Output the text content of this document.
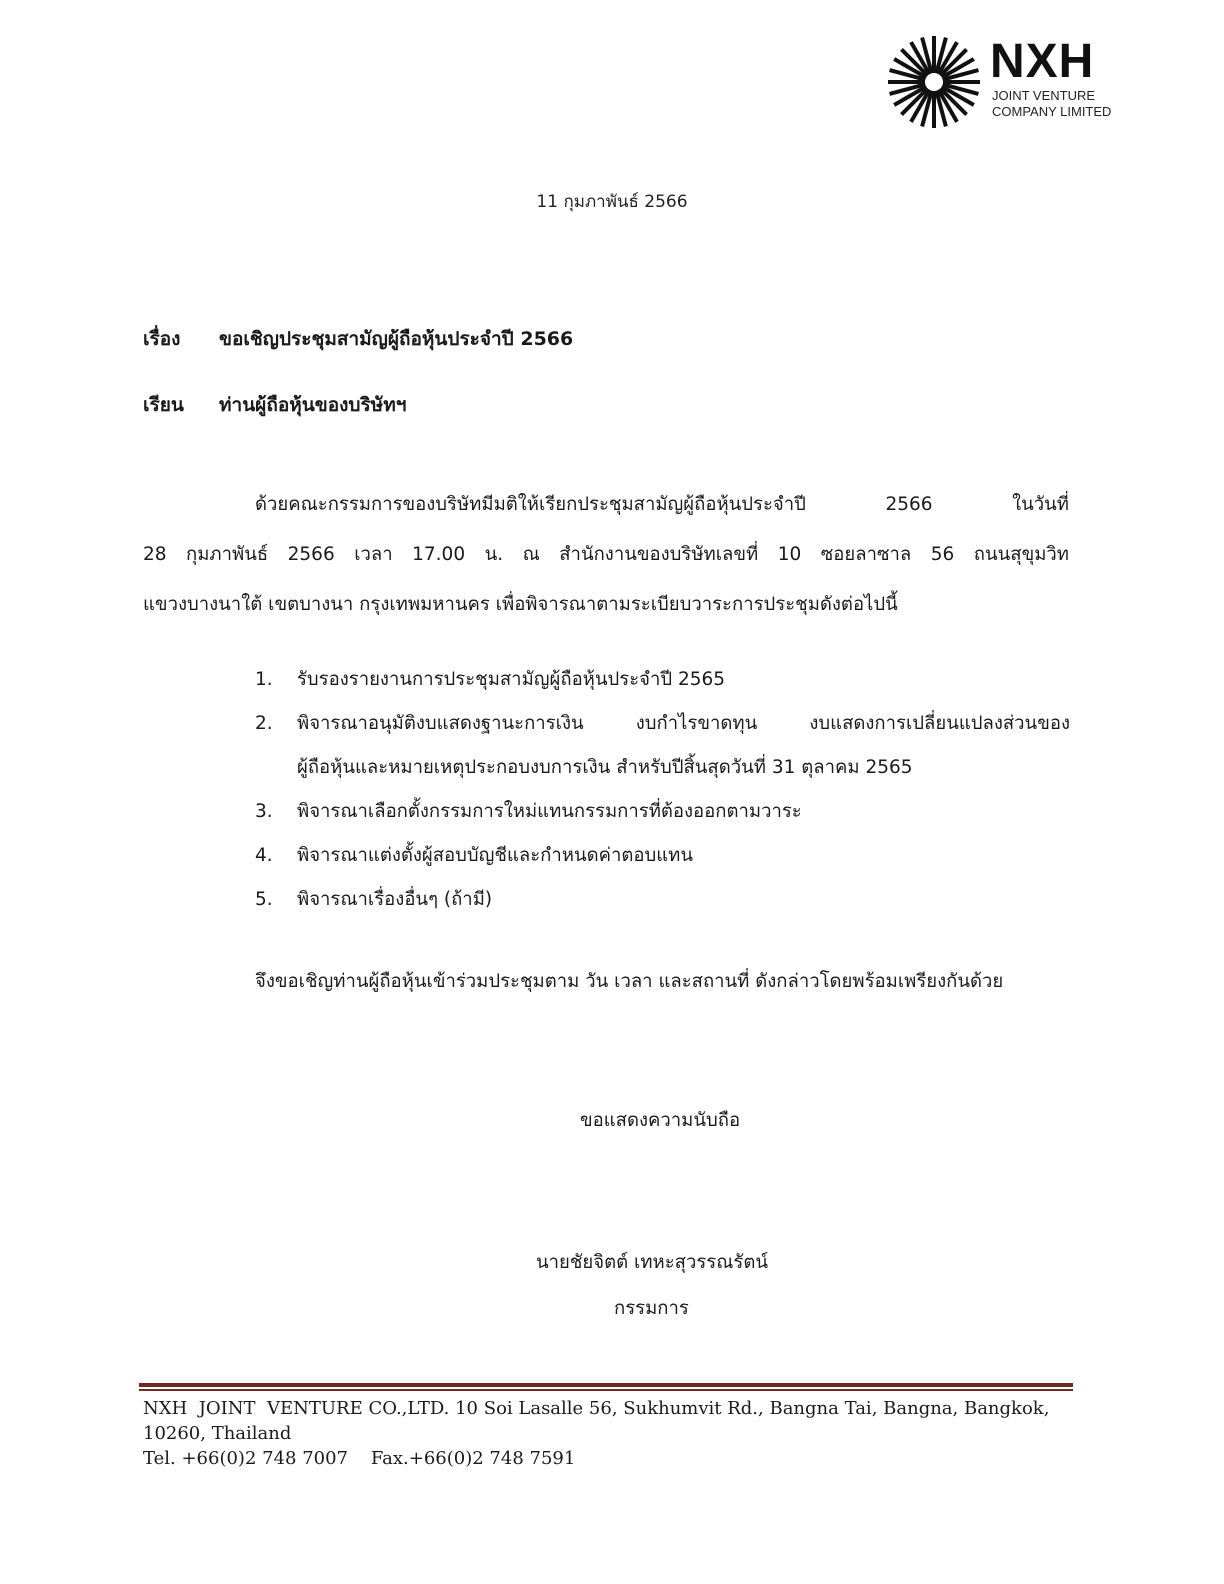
NXH
JOINT VENTURE
COMPANY LIMITED
11 กุมภาพันธ์ 2566
เรื่อง ขอเชิญประชุมสามัญผู้ถือหุ้นประจำปี 2566
เรียน ท่านผู้ถือหุ้นของบริษัทฯ
ด้วยคณะกรรมการของบริษัทมีมติให้เรียกประชุมสามัญผู้ถือหุ้นประจำปี 2566 ในวันที่
28 กุมภาพันธ์ 2566 เวลา 17.00 น. ณ สำนักงานของบริษัทเลขที่ 10 ซอยลาซาล 56 ถนนสุขุมวิท
แขวงบางนาใต้ เขตบางนา กรุงเทพมหานคร เพื่อพิจารณาตามระเบียบวาระการประชุมดังต่อไปนี้
1. รับรองรายงานการประชุมสามัญผู้ถือหุ้นประจำปี 2565
2. พิจารณาอนุมัติงบแสดงฐานะการเงิน งบกำไรขาดทุน งบแสดงการเปลี่ยนแปลงส่วนของ
ผู้ถือหุ้นและหมายเหตุประกอบงบการเงิน สำหรับปีสิ้นสุดวันที่ 31 ตุลาคม 2565
3. พิจารณาเลือกตั้งกรรมการใหม่แทนกรรมการที่ต้องออกตามวาระ
4. พิจารณาแต่งตั้งผู้สอบบัญชีและกำหนดค่าตอบแทน
5. พิจารณาเรื่องอื่นๆ (ถ้ามี)
จึงขอเชิญท่านผู้ถือหุ้นเข้าร่วมประชุมตาม วัน เวลา และสถานที่ ดังกล่าวโดยพร้อมเพรียงกันด้วย
ขอแสดงความนับถือ
นายชัยจิตต์ เทหะสุวรรณรัตน์
กรรมการ
NXH  JOINT  VENTURE CO.,LTD. 10 Soi Lasalle 56, Sukhumvit Rd., Bangna Tai, Bangna, Bangkok,
10260, Thailand
Tel. +66(0)2 748 7007    Fax.+66(0)2 748 7591
